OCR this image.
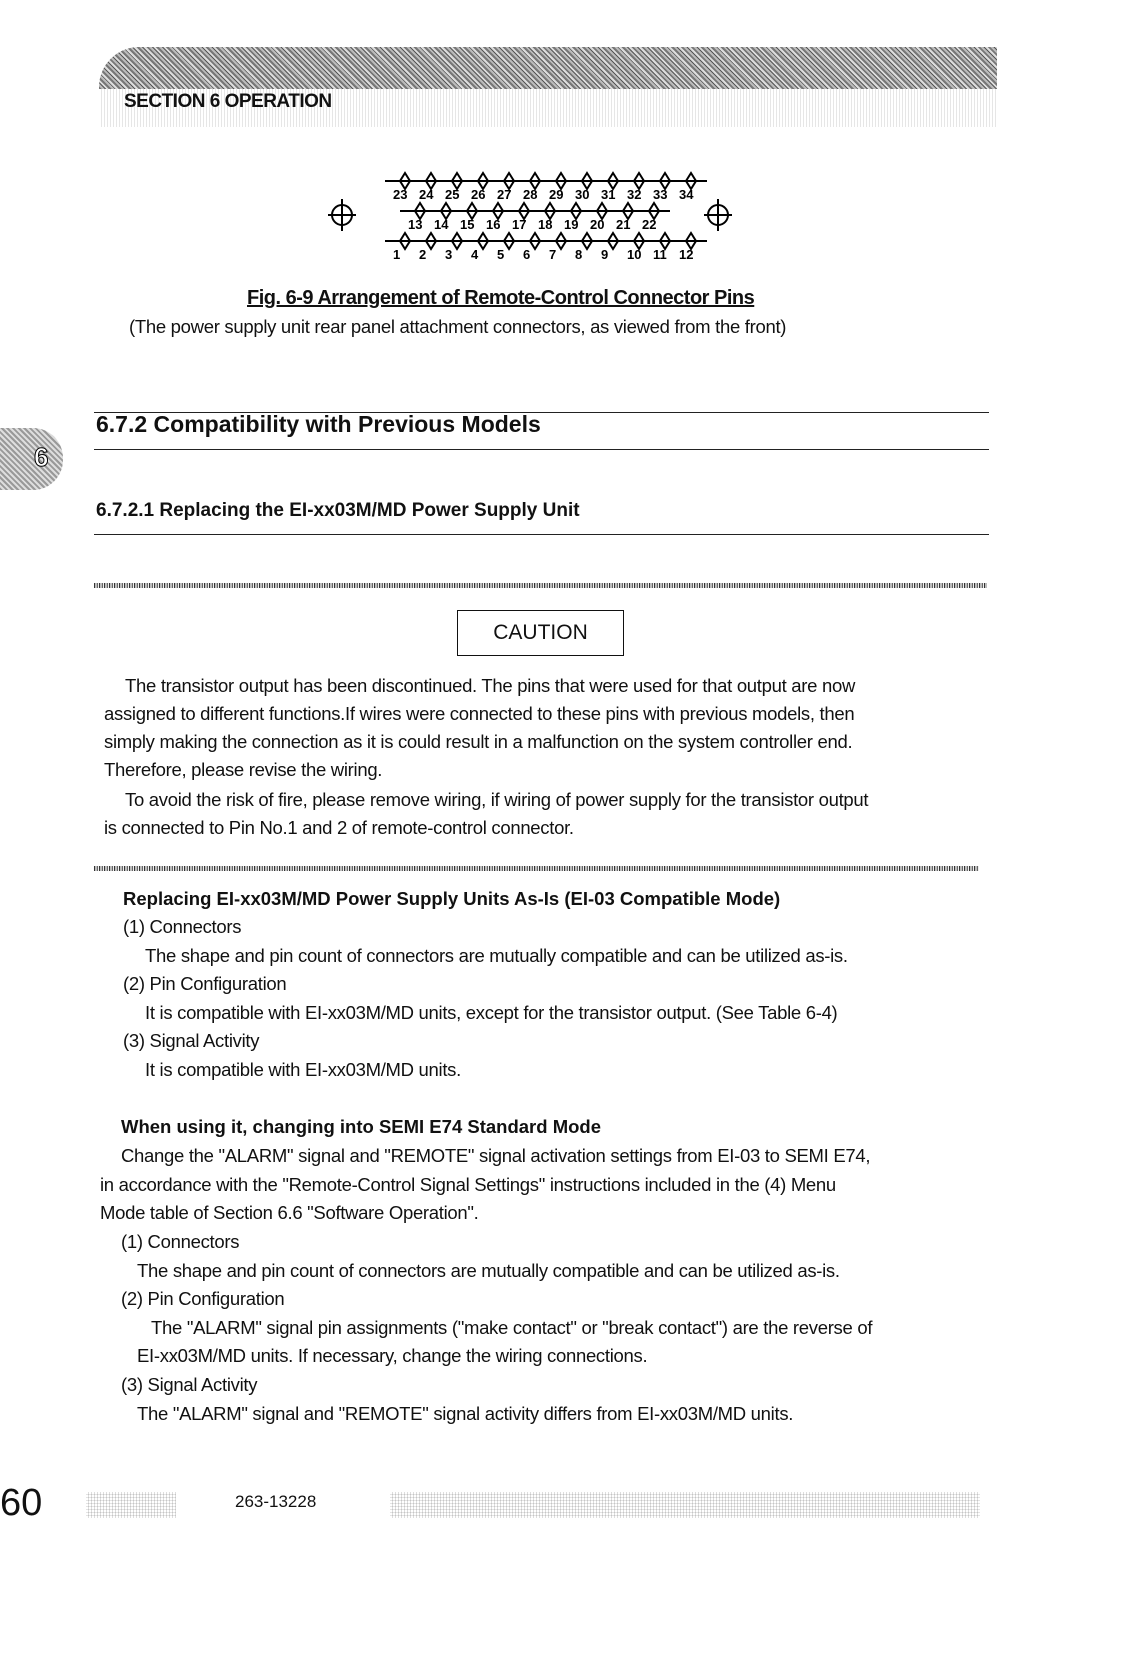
SECTION 6 OPERATION
23 24 25 26 27 28 29 30 31 32 33 34
13 14 15 16 17 18 19 20 21 22
1 2 3 4 5 6 7 8 9 10 11 12
Fig. 6-9 Arrangement of Remote-Control Connector Pins
(The power supply unit rear panel attachment connectors, as viewed from the front)
6.7.2 Compatibility with Previous Models
6
6.7.2.1 Replacing the EI-xx03M/MD Power Supply Unit
CAUTION
The transistor output has been discontinued. The pins that were used for that output are now
assigned to different functions.If wires were connected to these pins with previous models, then
simply making the connection as it is could result in a malfunction on the system controller end.
Therefore, please revise the wiring.
To avoid the risk of fire, please remove wiring, if wiring of power supply for the transistor output
is connected to Pin No.1 and 2 of remote-control connector.
Replacing EI-xx03M/MD Power Supply Units As-Is (EI-03 Compatible Mode)
(1) Connectors
The shape and pin count of connectors are mutually compatible and can be utilized as-is.
(2) Pin Configuration
It is compatible with EI-xx03M/MD units, except for the transistor output. (See Table 6-4)
(3) Signal Activity
It is compatible with EI-xx03M/MD units.
When using it, changing into SEMI E74 Standard Mode
Change the "ALARM" signal and "REMOTE" signal activation settings from EI-03 to SEMI E74,
in accordance with the "Remote-Control Signal Settings" instructions included in the (4) Menu
Mode table of Section 6.6 "Software Operation".
(1) Connectors
The shape and pin count of connectors are mutually compatible and can be utilized as-is.
(2) Pin Configuration
The "ALARM" signal pin assignments ("make contact" or "break contact") are the reverse of
EI-xx03M/MD units. If necessary, change the wiring connections.
(3) Signal Activity
The "ALARM" signal and "REMOTE" signal activity differs from EI-xx03M/MD units.
60	263-13228
